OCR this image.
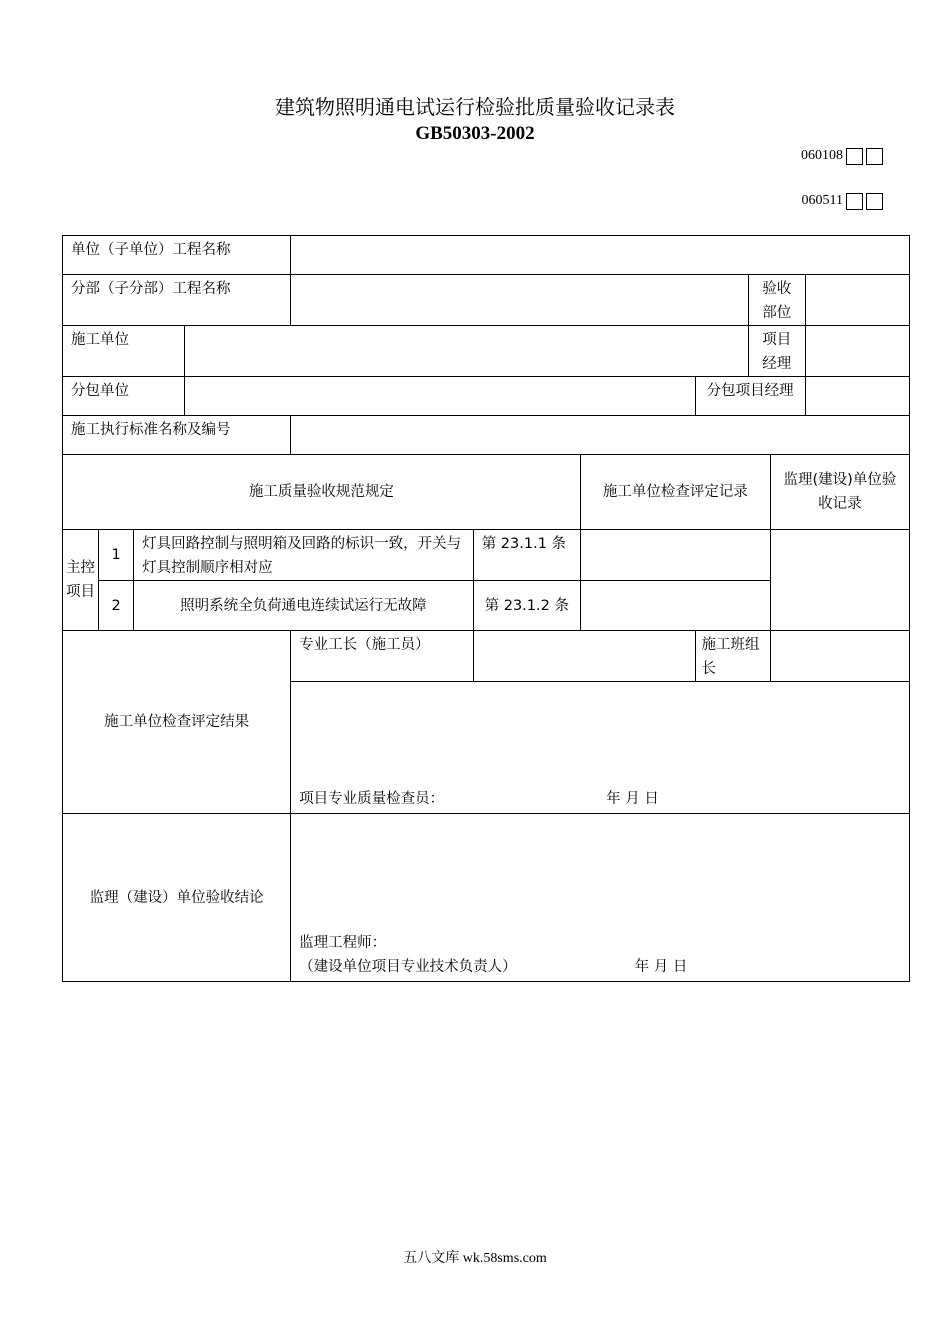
建筑物照明通电试运行检验批质量验收记录表
GB50303-2002
060108
060511
单位（子单位）工程名称										
分部（子分部）工程名称								验收部位		
施工单位								项目经理		
分包单位							分包项目经理			
施工执行标准名称及编号										
施工质量验收规范规定						施工单位检查评定记录			监理(建设)单位验收记录	
主控项目	1	灯具回路控制与照明箱及回路的标识一致，开关与灯具控制顺序相对应			第 23.1.1 条					
	2	照明系统全负荷通电连续试运行无故障			第 23.1.2 条					
施工单位检查评定结果				专业工长（施工员）			施工班组长			
				项目专业质量检查员： 年 月 日						
监理（建设）单位验收结论				监理工程师：
（建设单位项目专业技术负责人） 年 月 日						
五八文库 wk.58sms.com
